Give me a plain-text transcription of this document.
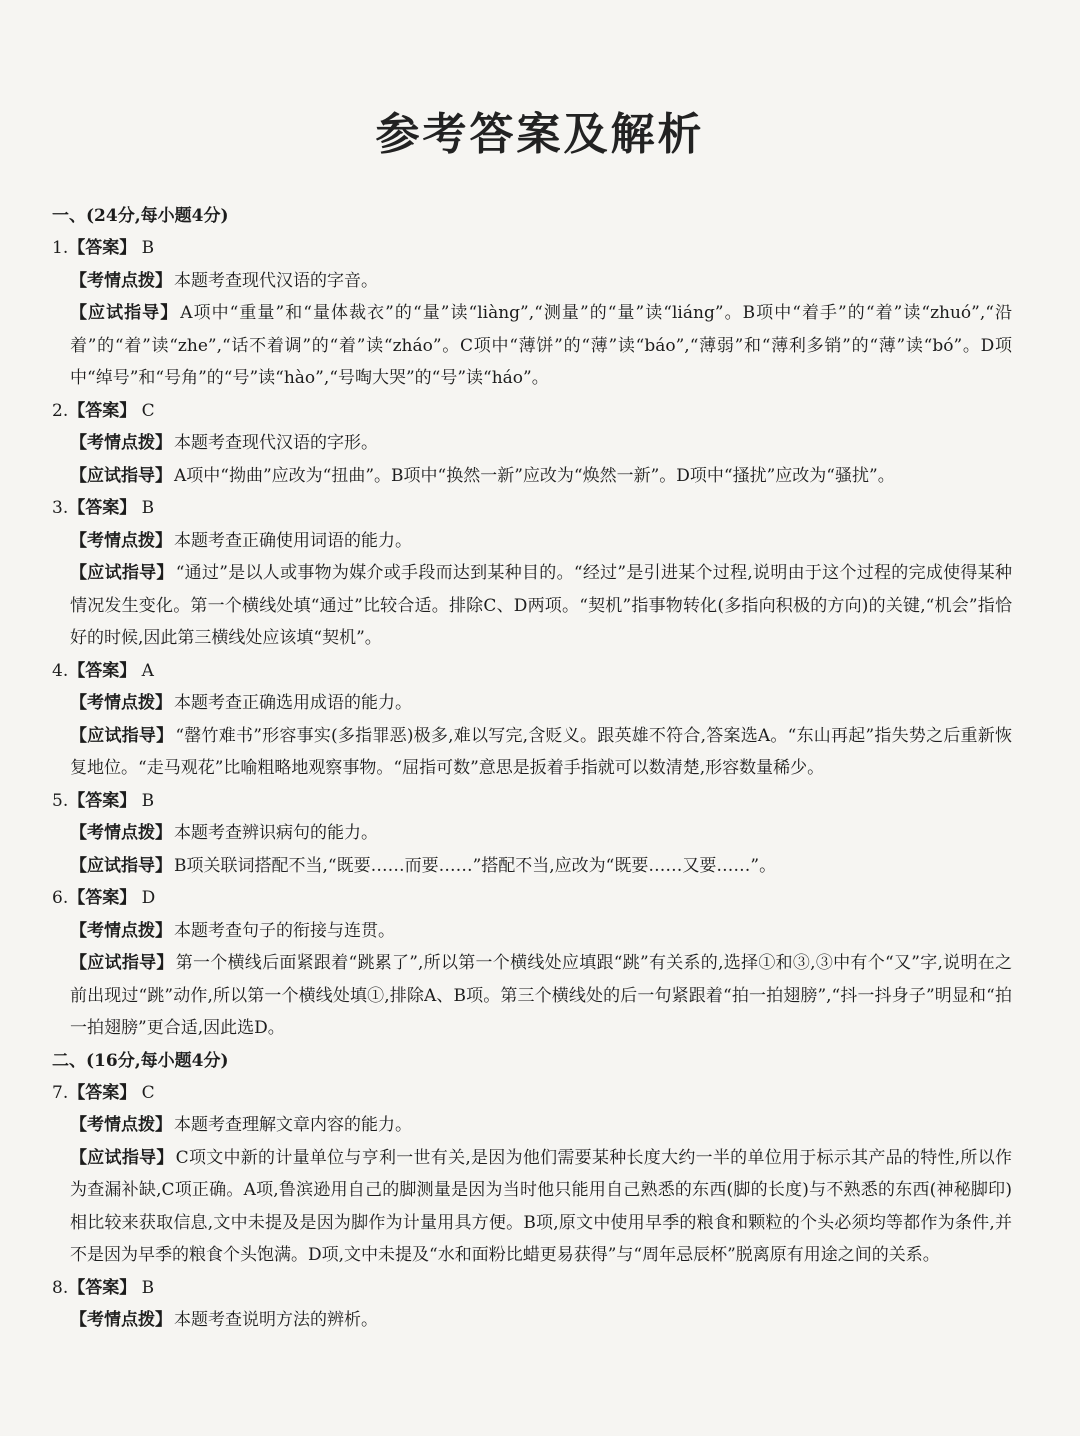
参考答案及解析
一、(24分,每小题4分)
1.【答案】 B
【考情点拨】 本题考查现代汉语的字音。
【应试指导】 A项中“重量”和“量体裁衣”的“量”读“liàng”,“测量”的“量”读“liáng”。B项中“着手”的“着”读“zhuó”,“沿着”的“着”读“zhe”,“话不着调”的“着”读“zháo”。C项中“薄饼”的“薄”读“báo”,“薄弱”和“薄利多销”的“薄”读“bó”。D项中“绰号”和“号角”的“号”读“hào”,“号啕大哭”的“号”读“háo”。
2.【答案】 C
【考情点拨】 本题考查现代汉语的字形。
【应试指导】 A项中“拗曲”应改为“扭曲”。B项中“换然一新”应改为“焕然一新”。D项中“搔扰”应改为“骚扰”。
3.【答案】 B
【考情点拨】 本题考查正确使用词语的能力。
【应试指导】 “通过”是以人或事物为媒介或手段而达到某种目的。“经过”是引进某个过程,说明由于这个过程的完成使得某种情况发生变化。第一个横线处填“通过”比较合适。排除C、D两项。“契机”指事物转化(多指向积极的方向)的关键,“机会”指恰好的时候,因此第三横线处应该填“契机”。
4.【答案】 A
【考情点拨】 本题考查正确选用成语的能力。
【应试指导】 “罄竹难书”形容事实(多指罪恶)极多,难以写完,含贬义。跟英雄不符合,答案选A。“东山再起”指失势之后重新恢复地位。“走马观花”比喻粗略地观察事物。“屈指可数”意思是扳着手指就可以数清楚,形容数量稀少。
5.【答案】 B
【考情点拨】 本题考查辨识病句的能力。
【应试指导】 B项关联词搭配不当,“既要……而要……”搭配不当,应改为“既要……又要……”。
6.【答案】 D
【考情点拨】 本题考查句子的衔接与连贯。
【应试指导】 第一个横线后面紧跟着“跳累了”,所以第一个横线处应填跟“跳”有关系的,选择①和③,③中有个“又”字,说明在之前出现过“跳”动作,所以第一个横线处填①,排除A、B项。第三个横线处的后一句紧跟着“拍一拍翅膀”,“抖一抖身子”明显和“拍一拍翅膀”更合适,因此选D。
二、(16分,每小题4分)
7.【答案】 C
【考情点拨】 本题考查理解文章内容的能力。
【应试指导】 C项文中新的计量单位与亨利一世有关,是因为他们需要某种长度大约一半的单位用于标示其产品的特性,所以作为查漏补缺,C项正确。A项,鲁滨逊用自己的脚测量是因为当时他只能用自己熟悉的东西(脚的长度)与不熟悉的东西(神秘脚印)相比较来获取信息,文中未提及是因为脚作为计量用具方便。B项,原文中使用早季的粮食和颗粒的个头必须均等都作为条件,并不是因为早季的粮食个头饱满。D项,文中未提及“水和面粉比蜡更易获得”与“周年忌辰杯”脱离原有用途之间的关系。
8.【答案】 B
【考情点拨】 本题考查说明方法的辨析。
